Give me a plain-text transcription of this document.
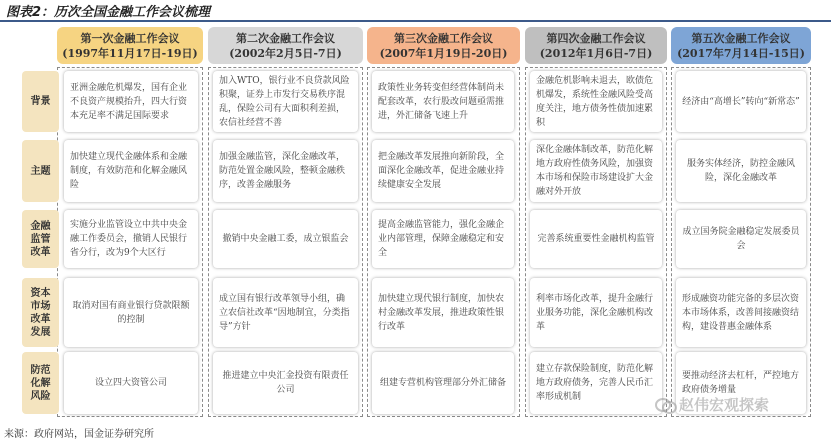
图表2：历次全国金融工作会议梳理
第一次金融工作会议
(1997年11月17日-19日)
第二次金融工作会议
(2002年2月5日-7日)
第三次金融工作会议
(2007年1月19日-20日)
第四次金融工作会议
(2012年1月6日-7日)
第五次金融工作会议
(2017年7月14日-15日)
背景
亚洲金融危机爆发，国有企业不良资产规模抬升，四大行资本充足率不满足国际要求
加入WTO，银行业不良贷款风险积聚，证券上市发行交易秩序混乱，保险公司有大面积利差损，农信社经营不善
政策性业务转变但经营体制尚未配套改革，农行股改问题亟需推进，外汇储备飞速上升
金融危机影响未退去，欧债危机爆发，系统性金融风险受高度关注，地方债务性债加速累积
经济由“高增长”转向“新常态”
主题
加快建立现代金融体系和金融制度，有效防范和化解金融风险
加强金融监管，深化金融改革，防范处置金融风险，整顿金融秩序，改善金融服务
把金融改革发展推向新阶段，全面深化金融改革，促进金融业持续健康安全发展
深化金融体制改革，防范化解地方政府性债务风险，加强资本市场和保险市场建设扩大金融对外开放
服务实体经济，防控金融风险，深化金融改革
金融监管改革
实施分业监管设立中共中央金融工作委员会，撤销人民银行省分行，改为9个大区行
撤销中央金融工委，成立银监会
提高金融监管能力，强化金融企业内部管理，保障金融稳定和安全
完善系统重要性金融机构监管
成立国务院金融稳定发展委员会
资本市场改革发展
取消对国有商业银行贷款限额的控制
成立国有银行改革领导小组，确立农信社改革“因地制宜，分类指导”方针
加快建立现代银行制度，加快农村金融改革发展，推进政策性银行改革
利率市场化改革，提升金融行业服务功能，深化金融机构改革
形成融资功能完备的多层次资本市场体系，改善间接融资结构，建设普惠金融体系
防范化解风险
设立四大资管公司
推进建立中央汇金投资有限责任公司
组建专营机构管理部分外汇储备
建立存款保险制度，防范化解地方政府债务，完善人民币汇率形成机制
要推动经济去杠杆，严控地方政府债务增量
赵伟宏观探索
来源：政府网站，国金证券研究所
